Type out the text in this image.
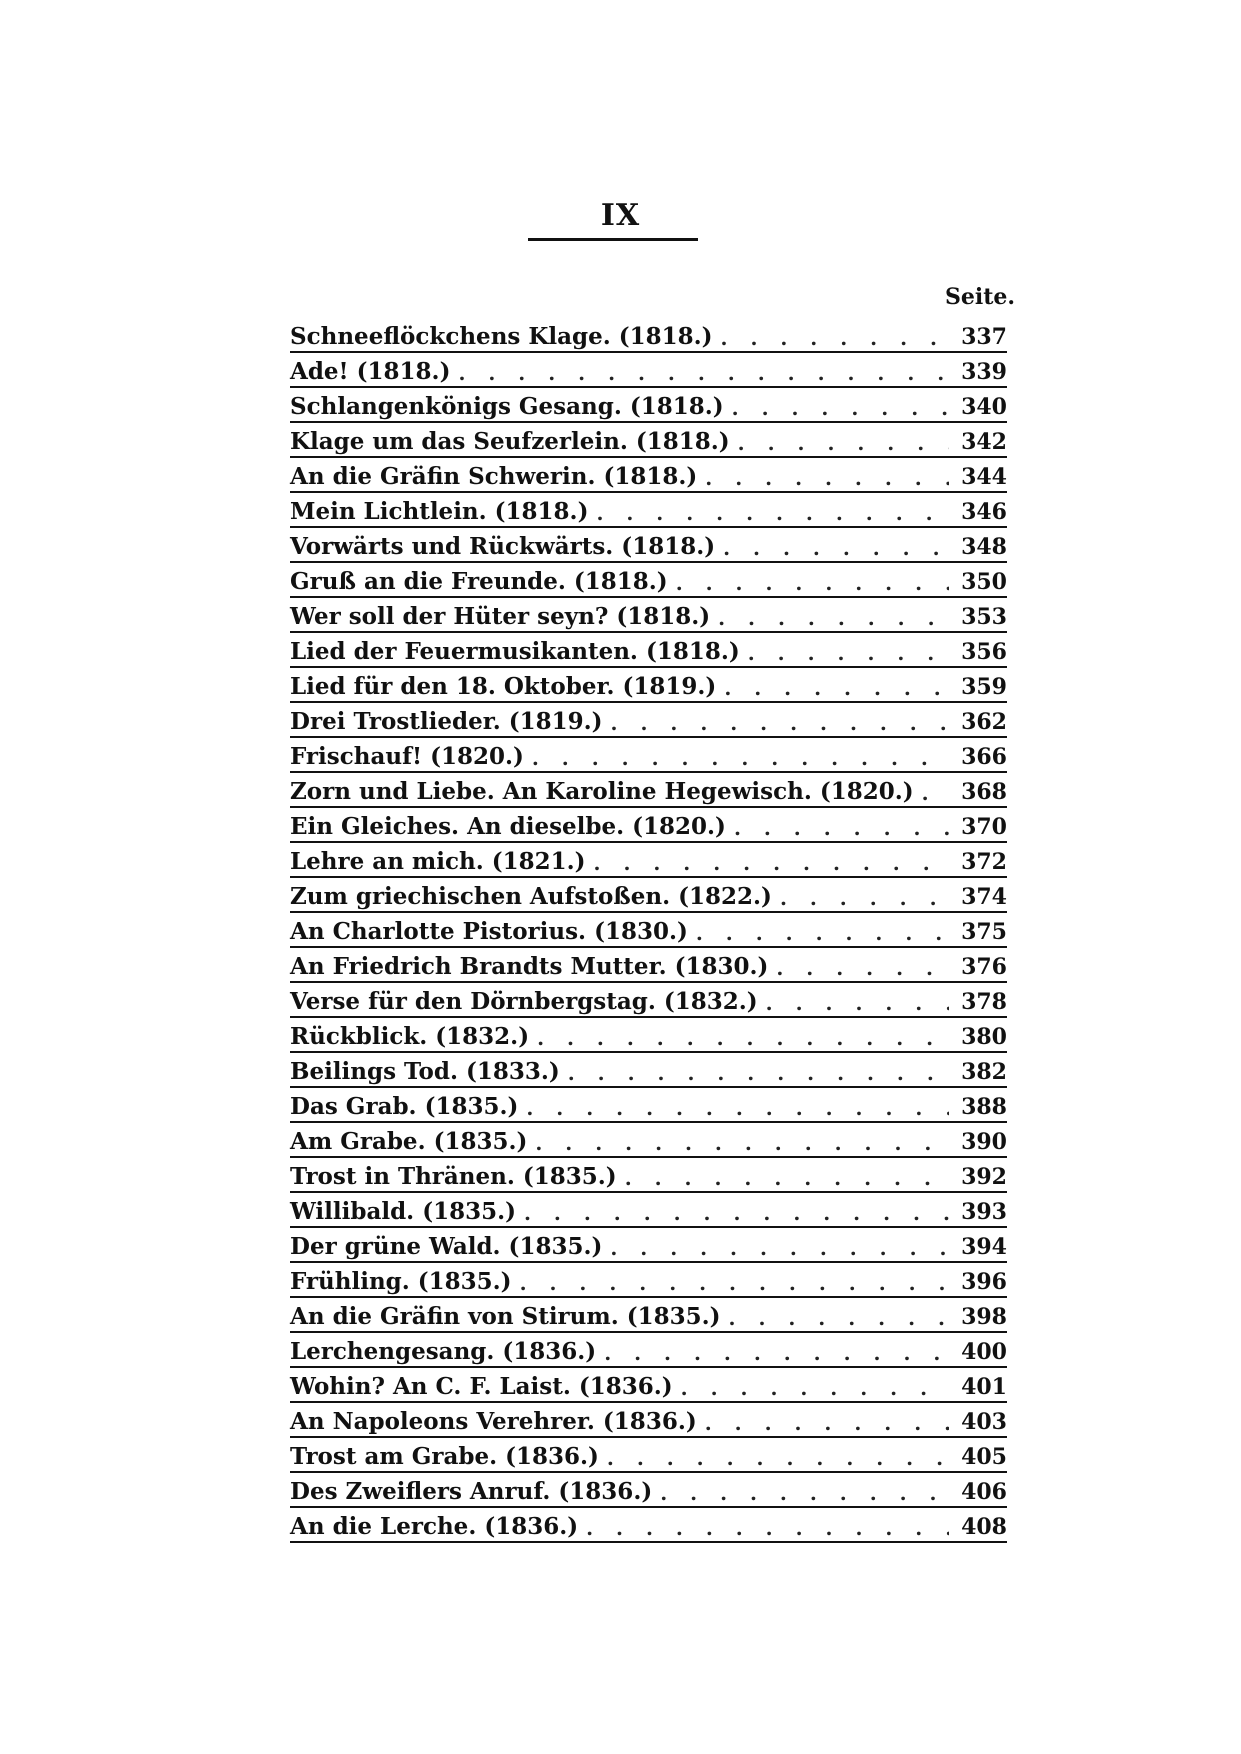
IX
Seite.
Schneeflöckchens Klage. (1818.) . . .	337
Ade! (1818.) . . .	339
Schlangenkönigs Gesang. (1818.) . . .	340
Klage um das Seufzerlein. (1818.) . . .	342
An die Gräfin Schwerin. (1818.) . . .	344
Mein Lichtlein. (1818.) . . .	346
Vorwärts und Rückwärts. (1818.) . . .	348
Gruß an die Freunde. (1818.) . . .	350
Wer soll der Hüter seyn? (1818.) . . .	353
Lied der Feuermusikanten. (1818.) . . .	356
Lied für den 18. Oktober. (1819.) . . .	359
Drei Trostlieder. (1819.) . . .	362
Frischauf! (1820.) . . .	366
Zorn und Liebe. An Karoline Hegewisch. (1820.) . . . 368
Ein Gleiches. An dieselbe. (1820.) . . .	370
Lehre an mich. (1821.) . . .	372
Zum griechischen Aufstoßen. (1822.) . . .	374
An Charlotte Pistorius. (1830.) . . .	375
An Friedrich Brandts Mutter. (1830.) . . .	376
Verse für den Dörnbergstag. (1832.) . . .	378
Rückblick. (1832.) . . .	380
Beilings Tod. (1833.) . . .	382
Das Grab. (1835.) . . .	388
Am Grabe. (1835.) . . .	390
Trost in Thränen. (1835.) . . .	392
Willibald. (1835.) . . .	393
Der grüne Wald. (1835.) . . .	394
Frühling. (1835.) . . .	396
An die Gräfin von Stirum. (1835.) . . .	398
Lerchengesang. (1836.) . . .	400
Wohin? An C. F. Laist. (1836.) . . .	401
An Napoleons Verehrer. (1836.) . . .	403
Trost am Grabe. (1836.) . . .	405
Des Zweiflers Anruf. (1836.) . . .	406
An die Lerche. (1836.) . . .	408
